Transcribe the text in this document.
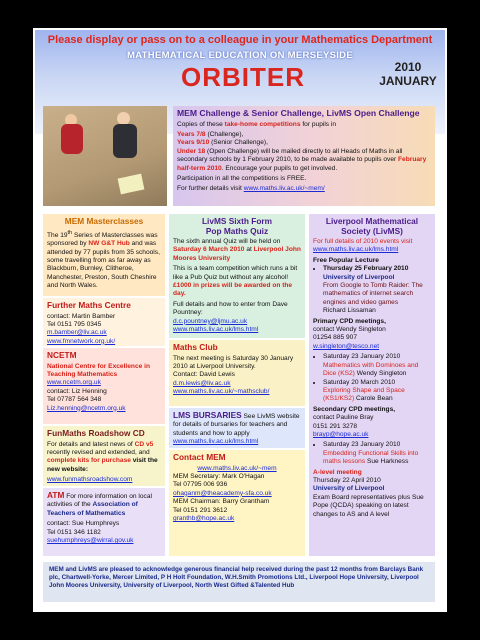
Please display or pass on to a colleague in your Mathematics Department
MATHEMATICAL EDUCATION ON MERSEYSIDE
ORBITER	2010
JANUARY
MEM Challenge & Senior Challenge, LivMS Open Challenge

Copies of these take-home competitions for pupils in

Years 7/8 (Challenge),

Years 9/10 (Senior Challenge),

Under 18 (Open Challenge) will be mailed directly to all Heads of Maths in all secondary schools by 1 February 2010, to be made available to pupils over February half-term 2010. Encourage your pupils to get involved.

Participation in all the competitions is FREE.

For further details visit www.maths.liv.ac.uk/~mem/

MEM Masterclasses

The 19th Series of Masterclasses was sponsored by NW G&T Hub and was attended by 77 pupils from 35 schools, some travelling from as far away as Blackburn, Burnley, Clitheroe, Manchester, Preston, South Cheshire and North Wales.

Further Maths Centre
contact: Martin Bamber
Tel 0151 795 0345
m.bamber@liv.ac.uk
www.fmnetwork.org.uk/
NCETM
National Centre for Excellence in Teaching Mathematics
www.ncetm.org.uk
contact: Liz Henning
Tel 07787 564 348
Liz.henning@ncetm.org.uk
FunMaths Roadshow CD

For details and latest news of CD v5 recently revised and extended, and complete kits for purchase visit the new website:

www.funmathsroadshow.com

ATM For more information on local activities of the Association of Teachers of Mathematics

contact: Sue Humphreys
Tel 0151 346 1182
suehumphreys@wirral.gov.uk
LivMS Sixth Form
Pop Maths Quiz

The sixth annual Quiz will be held on Saturday 6 March 2010 at Liverpool John Moores University

This is a team competition which runs a bit like a Pub Quiz but without any alcohol! £1000 in prizes will be awarded on the day.

Full details and how to enter from Dave Pountney:
d.c.pountney@ljmu.ac.uk
www.maths.liv.ac.uk/lms.html
Maths Club
The next meeting is Saturday 30 January 2010 at Liverpool University.
Contact: David Lewis
d.m.lewis@liv.ac.uk
www.maths.liv.ac.uk/~mathsclub/

LMS BURSARIES See LivMS website for details of bursaries for teachers and students and how to apply www.maths.liv.ac.uk/lms.html

Contact MEM
www.maths.liv.ac.uk/~mem
MEM Secretary: Mark O'Hagan
Tel 07795 006 936
ohaganm@theacademy-sfa.co.uk
MEM Chairman: Barry Grantham
Tel 0151 291 3612
granthb@hope.ac.uk
Liverpool Mathematical
Society (LivMS)

For full details of 2010 events visit www.maths.liv.ac.uk/lms.html

Free Popular Lecture
• Thursday 25 February 2010
University of Liverpool
From Google to Tomb Raider: The mathematics of internet search engines and video games
Richard Lissaman

Primary CPD meetings,
contact Wendy Singleton
01254 885 907
w.singleton@tesco.net
• Saturday 23 January 2010
Mathematics with Dominoes and Dice (KS2) Wendy Singleton
• Saturday 20 March 2010
Exploring Shape and Space (KS1/KS2) Carole Bean

Secondary CPD meetings,
contact Pauline Bray
0151 291 3278
brayp@hope.ac.uk
• Saturday 23 January 2010
Embedding Functional Skills into maths lessons Sue Harkness

A-level meeting
Thursday 22 April 2010
University of Liverpool
Exam Board representatives plus Sue Pope (QCDA) speaking on latest changes to AS and A level
MEM and LivMS are pleased to acknowledge generous financial help received during the past 12 months from Barclays Bank plc, Chartwell-Yorke, Mercer Limited, P H Holt Foundation, W.H.Smith Promotions Ltd., Liverpool Hope University, Liverpool John Moores University, University of Liverpool, North West Gifted &Talented Hub
